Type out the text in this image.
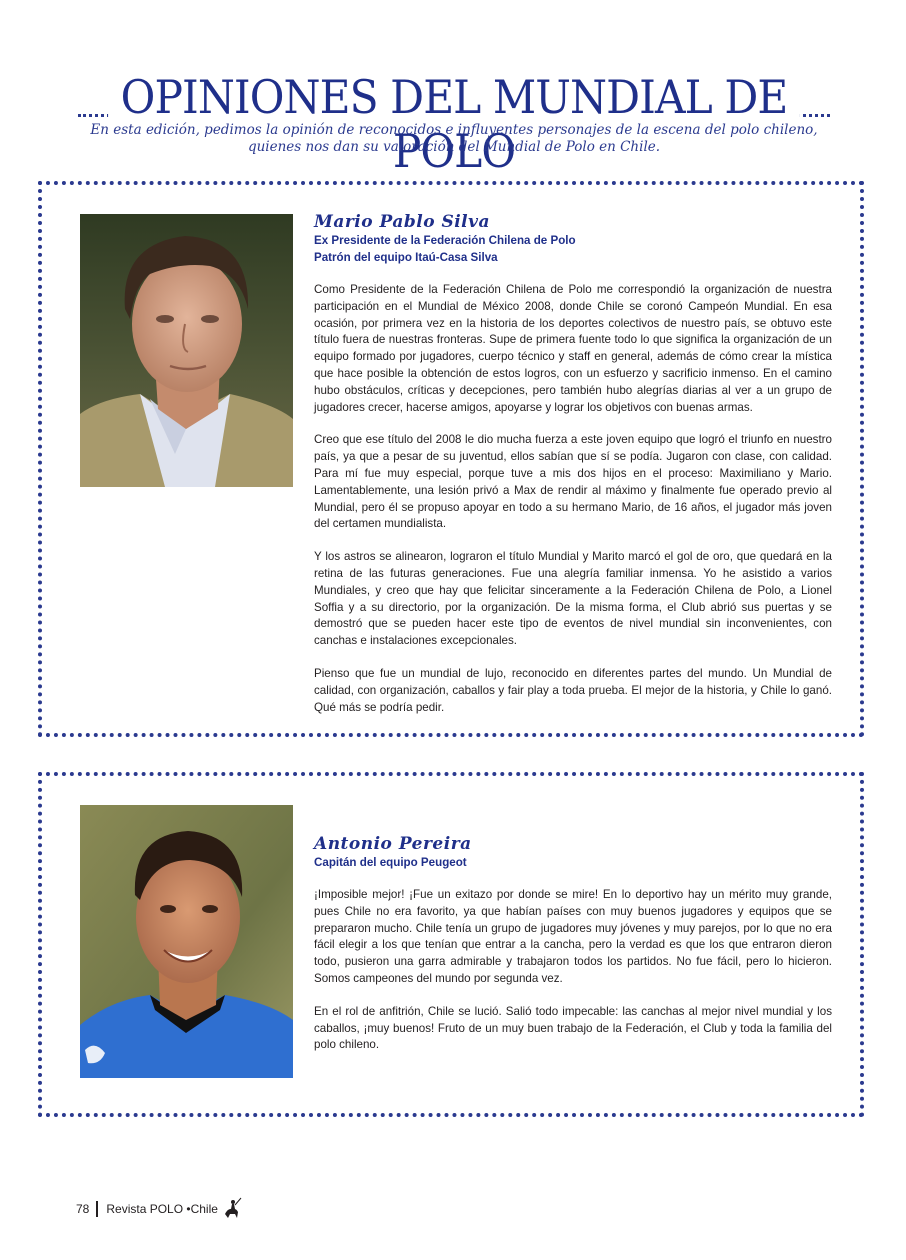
OPINIONES DEL MUNDIAL DE POLO

En esta edición, pedimos la opinión de reconocidos e influyentes personajes de la escena del polo chileno, quienes nos dan su valoración del Mundial de Polo en Chile.

Mario Pablo Silva

Ex Presidente de la Federación Chilena de Polo

Patrón del equipo Itaú-Casa Silva

Como Presidente de la Federación Chilena de Polo me correspondió la organización de nuestra participación en el Mundial de México 2008, donde Chile se coronó Campeón Mundial. En esa ocasión, por primera vez en la historia de los deportes colectivos de nuestro país, se obtuvo este título fuera de nuestras fronteras. Supe de primera fuente todo lo que significa la organización de un equipo formado por jugadores, cuerpo técnico y staff en general, además de cómo crear la mística que hace posible la obtención de estos logros, con un esfuerzo y sacrificio inmenso. En el camino hubo obstáculos, críticas y decepciones, pero también hubo alegrías diarias al ver a un grupo de jugadores crecer, hacerse amigos, apoyarse y lograr los objetivos con buenas armas.

Creo que ese título del 2008 le dio mucha fuerza a este joven equipo que logró el triunfo en nuestro país, ya que a pesar de su juventud, ellos sabían que sí se podía. Jugaron con clase, con calidad. Para mí fue muy especial, porque tuve a mis dos hijos en el proceso: Maximiliano y Mario. Lamentablemente, una lesión privó a Max de rendir al máximo y finalmente fue operado previo al Mundial, pero él se propuso apoyar en todo a su hermano Mario, de 16 años, el jugador más joven del certamen mundialista.

Y los astros se alinearon, lograron el título Mundial y Marito marcó el gol de oro, que quedará en la retina de las futuras generaciones. Fue una alegría familiar inmensa. Yo he asistido a varios Mundiales, y creo que hay que felicitar sinceramente a la Federación Chilena de Polo, a Lionel Soffia y a su directorio, por la organización. De la misma forma, el Club abrió sus puertas y se demostró que se pueden hacer este tipo de eventos de nivel mundial sin inconvenientes, con canchas e instalaciones excepcionales.

Pienso que fue un mundial de lujo, reconocido en diferentes partes del mundo. Un Mundial de calidad, con organización, caballos y fair play a toda prueba. El mejor de la historia, y Chile lo ganó. Qué más se podría pedir.

Antonio Pereira

Capitán del equipo Peugeot

¡Imposible mejor! ¡Fue un exitazo por donde se mire! En lo deportivo hay un mérito muy grande, pues Chile no era favorito, ya que habían países con muy buenos jugadores y equipos que se prepararon mucho. Chile tenía un grupo de jugadores muy jóvenes y muy parejos, por lo que no era fácil elegir a los que tenían que entrar a la cancha, pero la verdad es que los que entraron dieron todo, pusieron una garra admirable y trabajaron todos los partidos. No fue fácil, pero lo hicieron. Somos campeones del mundo por segunda vez.

En el rol de anfitrión, Chile se lució. Salió todo impecable: las canchas al mejor nivel mundial y los caballos, ¡muy buenos! Fruto de un muy buen trabajo de la Federación, el Club y toda la familia del polo chileno.

78 Revista POLO •Chile
